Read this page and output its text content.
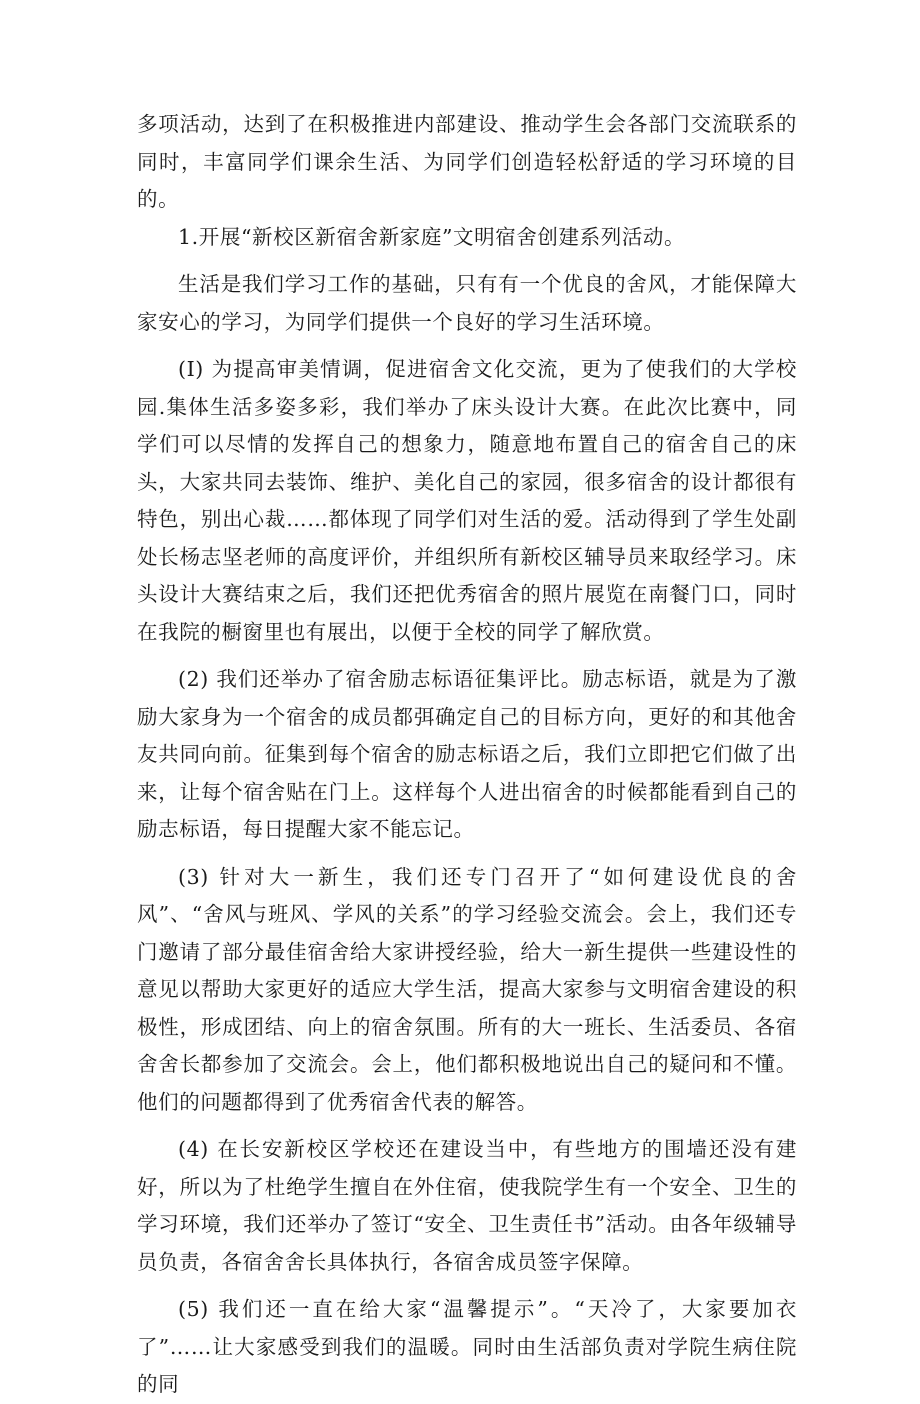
多项活动，达到了在积极推进内部建设、推动学生会各部门交流联系的同时，丰富同学们课余生活、为同学们创造轻松舒适的学习环境的目的。

1.开展“新校区新宿舍新家庭”文明宿舍创建系列活动。

生活是我们学习工作的基础，只有有一个优良的舍风，才能保障大家安心的学习，为同学们提供一个良好的学习生活环境。

(I) 为提高审美情调，促进宿舍文化交流，更为了使我们的大学校园.集体生活多姿多彩，我们举办了床头设计大赛。在此次比赛中，同学们可以尽情的发挥自己的想象力，随意地布置自己的宿舍自己的床头，大家共同去装饰、维护、美化自己的家园，很多宿舍的设计都很有特色，别出心裁……都体现了同学们对生活的爱。活动得到了学生处副处长杨志坚老师的高度评价，并组织所有新校区辅导员来取经学习。床头设计大赛结束之后，我们还把优秀宿舍的照片展览在南餐门口，同时在我院的橱窗里也有展出，以便于全校的同学了解欣赏。

(2) 我们还举办了宿舍励志标语征集评比。励志标语，就是为了激励大家身为一个宿舍的成员都弭确定自己的目标方向，更好的和其他舍友共同向前。征集到每个宿舍的励志标语之后，我们立即把它们做了出来，让每个宿舍贴在门上。这样每个人进出宿舍的时候都能看到自己的励志标语，每日提醒大家不能忘记。

(3) 针对大一新生，我们还专门召开了“如何建设优良的舍风”、“舍风与班风、学风的关系”的学习经验交流会。会上，我们还专门邀请了部分最佳宿舍给大家讲授经验，给大一新生提供一些建设性的意见以帮助大家更好的适应大学生活，提高大家参与文明宿舍建设的积极性，形成团结、向上的宿舍氛围。所有的大一班长、生活委员、各宿舍舍长都参加了交流会。会上，他们都积极地说出自己的疑问和不懂。他们的问题都得到了优秀宿舍代表的解答。

(4) 在长安新校区学校还在建设当中，有些地方的围墙还没有建好，所以为了杜绝学生擅自在外住宿，使我院学生有一个安全、卫生的学习环境，我们还举办了签订“安全、卫生责任书”活动。由各年级辅导员负责，各宿舍舍长具体执行，各宿舍成员签字保障。

(5) 我们还一直在给大家“温馨提示”。“天冷了，大家要加衣了”……让大家感受到我们的温暖。同时由生活部负责对学院生病住院的同
